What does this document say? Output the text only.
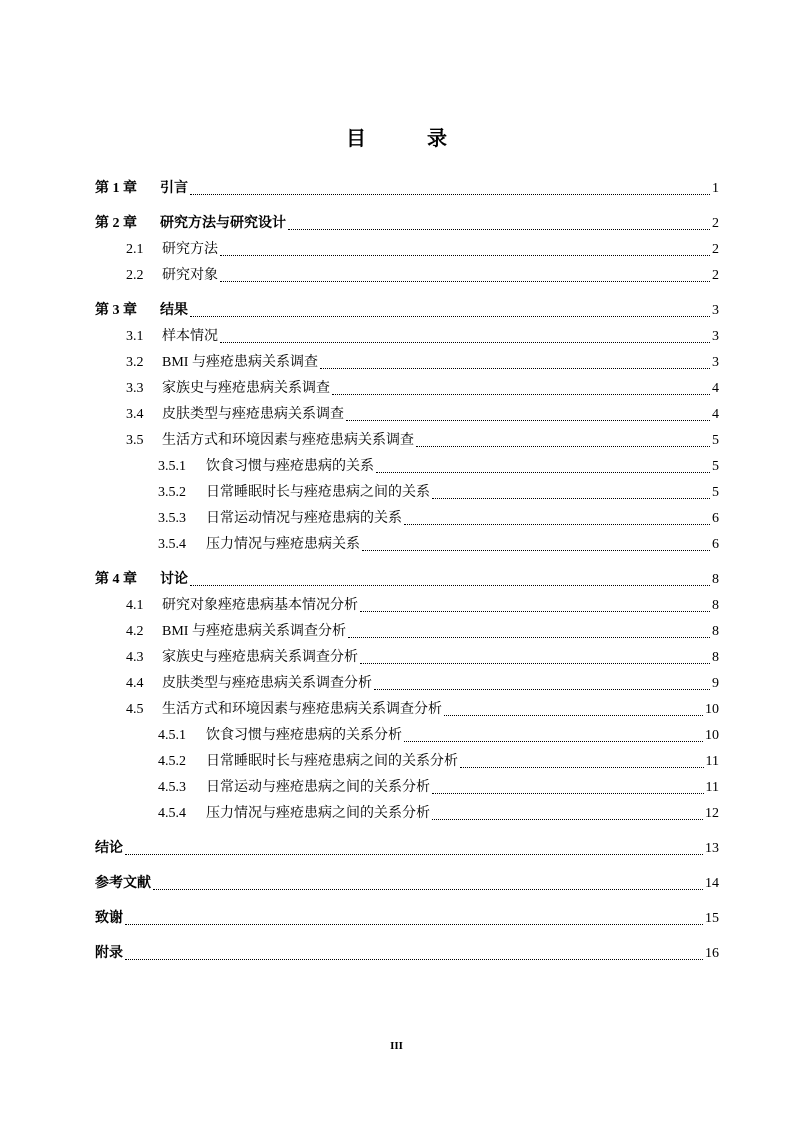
目 录
第 1 章	引言	1
第 2 章	研究方法与研究设计	2
2.1	研究方法	2
2.2	研究对象	2
第 3 章	结果	3
3.1	样本情况	3
3.2	BMI 与痤疮患病关系调查	3
3.3	家族史与痤疮患病关系调查	4
3.4	皮肤类型与痤疮患病关系调查	4
3.5	生活方式和环境因素与痤疮患病关系调查	5
3.5.1	饮食习惯与痤疮患病的关系	5
3.5.2	日常睡眠时长与痤疮患病之间的关系	5
3.5.3	日常运动情况与痤疮患病的关系	6
3.5.4	压力情况与痤疮患病关系	6
第 4 章	讨论	8
4.1	研究对象痤疮患病基本情况分析	8
4.2	BMI 与痤疮患病关系调查分析	8
4.3	家族史与痤疮患病关系调查分析	8
4.4	皮肤类型与痤疮患病关系调查分析	9
4.5	生活方式和环境因素与痤疮患病关系调查分析	10
4.5.1	饮食习惯与痤疮患病的关系分析	10
4.5.2	日常睡眠时长与痤疮患病之间的关系分析	11
4.5.3	日常运动与痤疮患病之间的关系分析	11
4.5.4	压力情况与痤疮患病之间的关系分析	12
结论	13
参考文献	14
致谢	15
附录	16
III
